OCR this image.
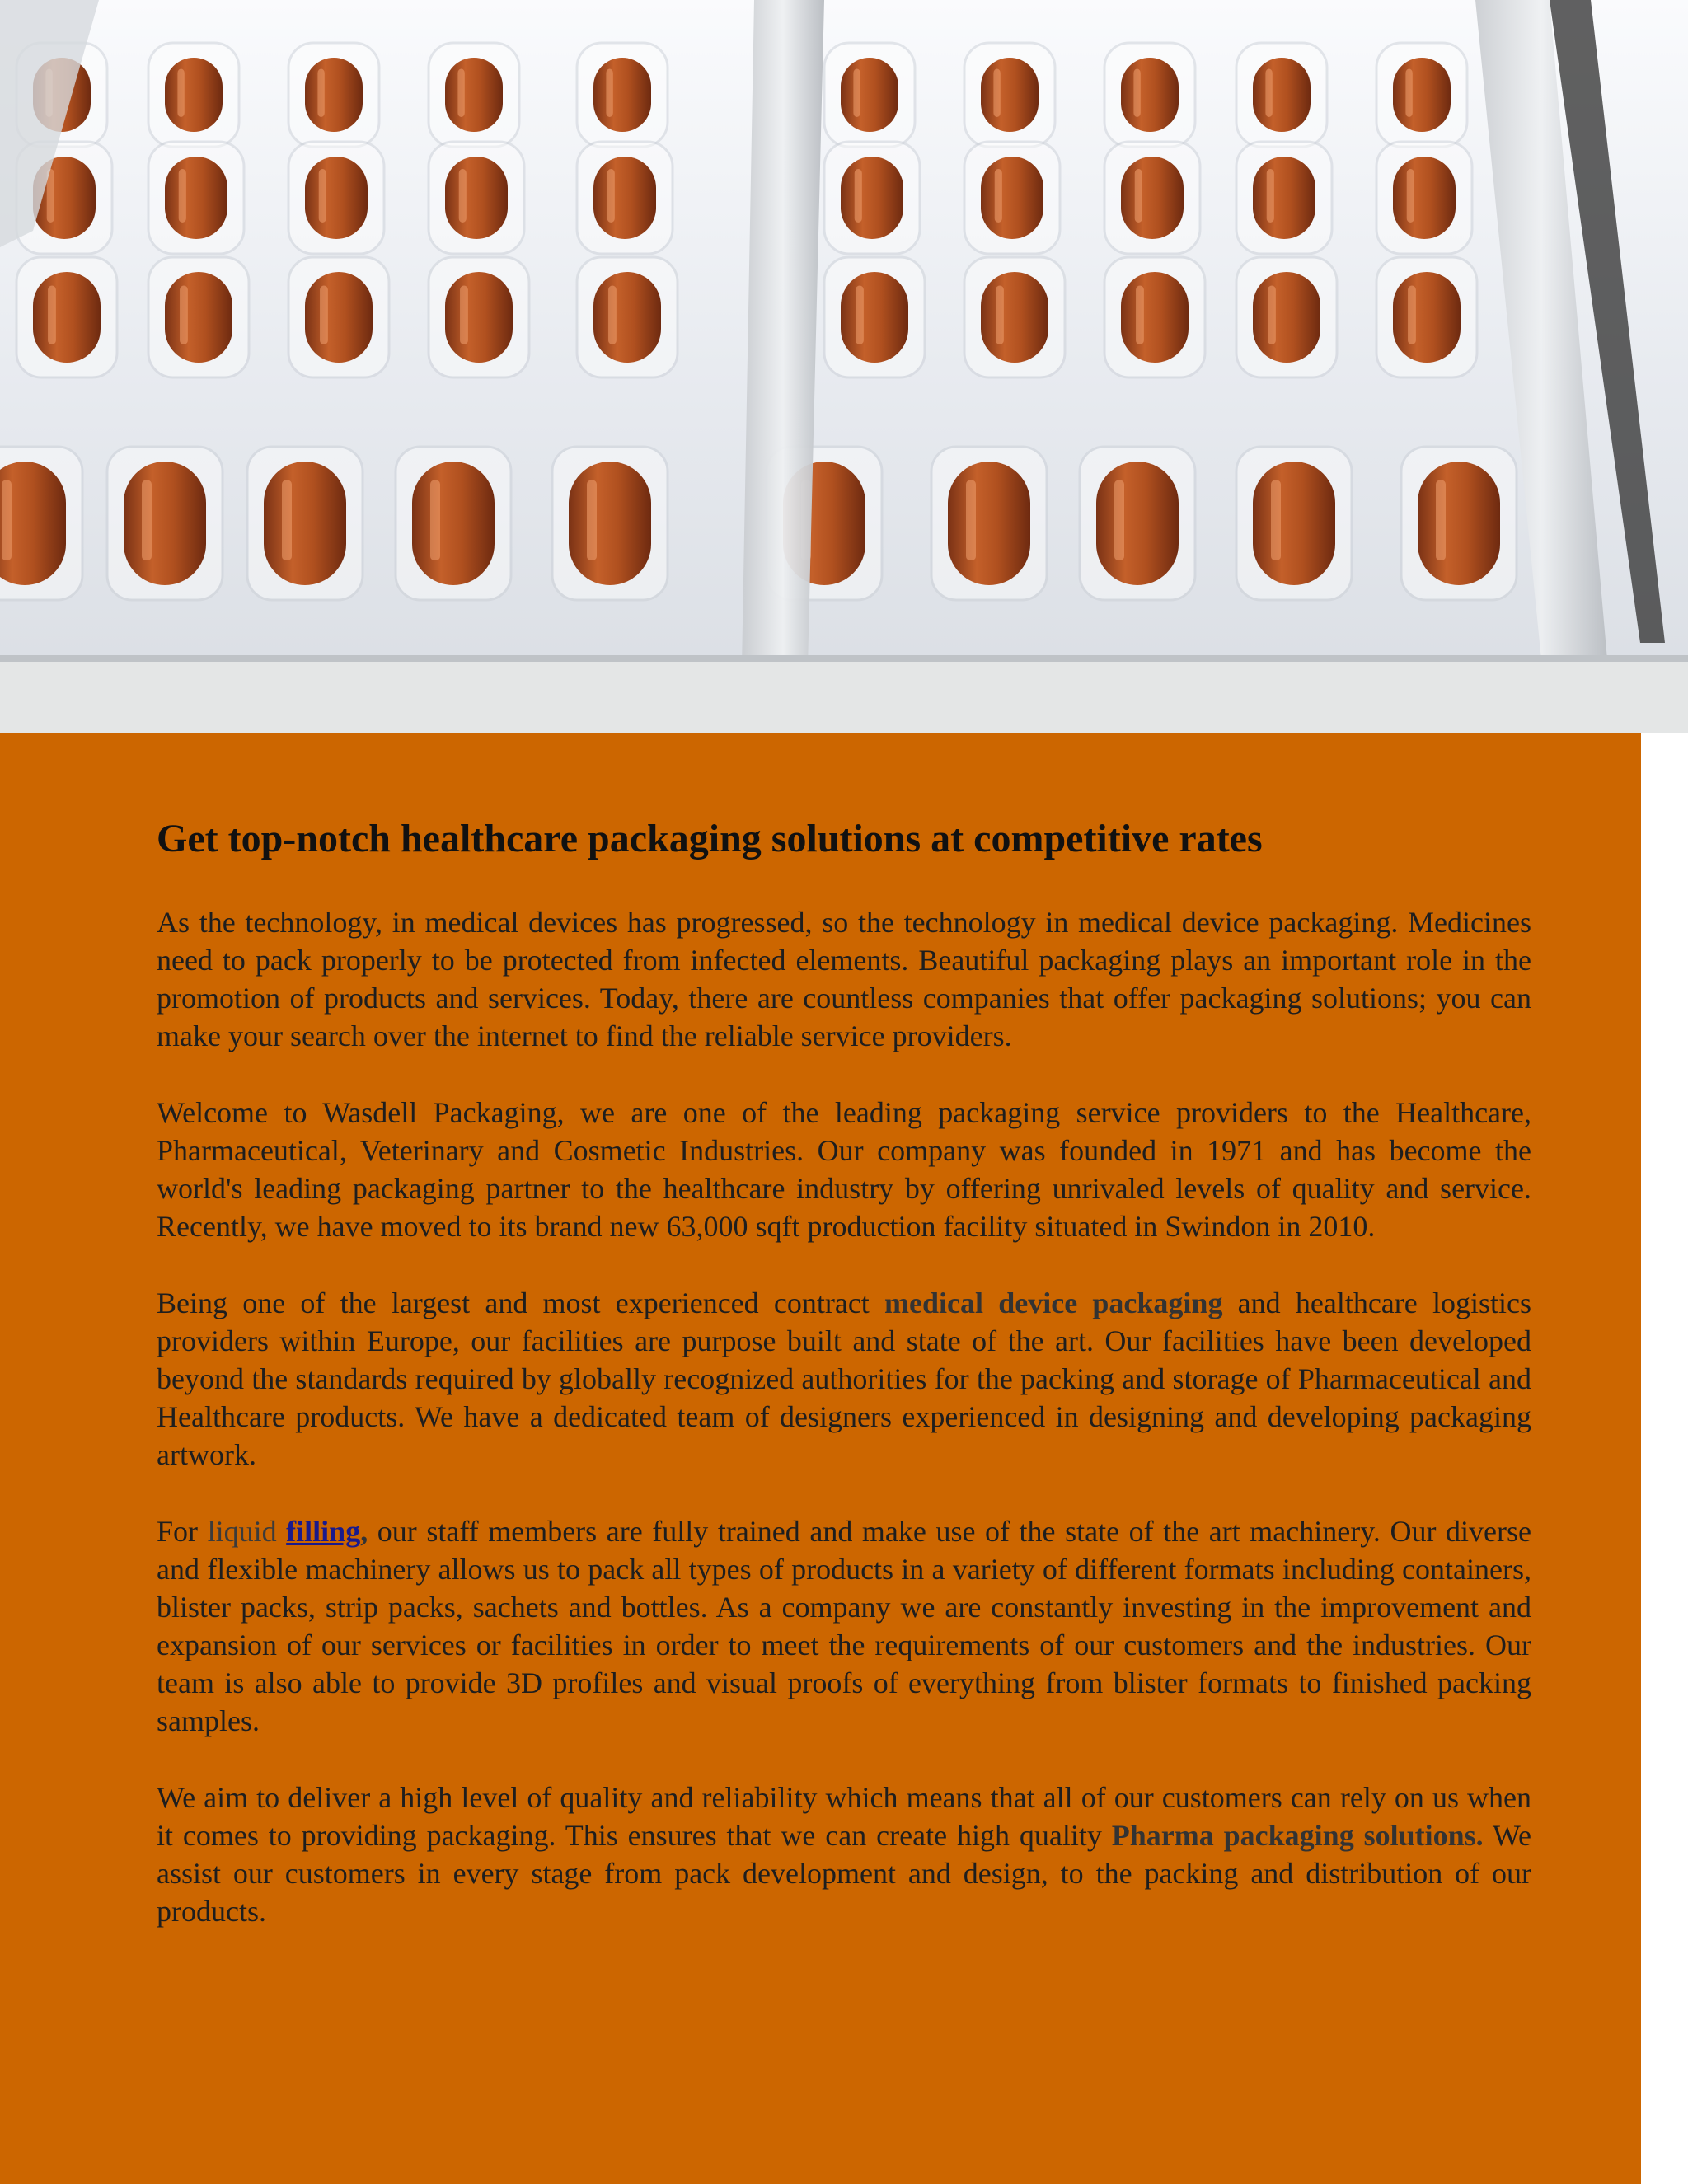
Get top-notch healthcare packaging solutions at competitive rates

As the technology, in medical devices has progressed, so the technology in medical device packaging. Medicines need to pack properly to be protected from infected elements. Beautiful packaging plays an important role in the promotion of products and services. Today, there are countless companies that offer packaging solutions; you can make your search over the internet to find the reliable service providers.

Welcome to Wasdell Packaging, we are one of the leading packaging service providers to the Healthcare, Pharmaceutical, Veterinary and Cosmetic Industries. Our company was founded in 1971 and has become the world's leading packaging partner to the healthcare industry by offering unrivaled levels of quality and service. Recently, we have moved to its brand new 63,000 sqft production facility situated in Swindon in 2010.

Being one of the largest and most experienced contract medical device packaging and healthcare logistics providers within Europe, our facilities are purpose built and state of the art. Our facilities have been developed beyond the standards required by globally recognized authorities for the packing and storage of Pharmaceutical and Healthcare products. We have a dedicated team of designers experienced in designing and developing packaging artwork.

For liquid filling, our staff members are fully trained and make use of the state of the art machinery. Our diverse and flexible machinery allows us to pack all types of products in a variety of different formats including containers, blister packs, strip packs, sachets and bottles. As a company we are constantly investing in the improvement and expansion of our services or facilities in order to meet the requirements of our customers and the industries. Our team is also able to provide 3D profiles and visual proofs of everything from blister formats to finished packing samples.

We aim to deliver a high level of quality and reliability which means that all of our customers can rely on us when it comes to providing packaging. This ensures that we can create high quality Pharma packaging solutions. We assist our customers in every stage from pack development and design, to the packing and distribution of our products.
